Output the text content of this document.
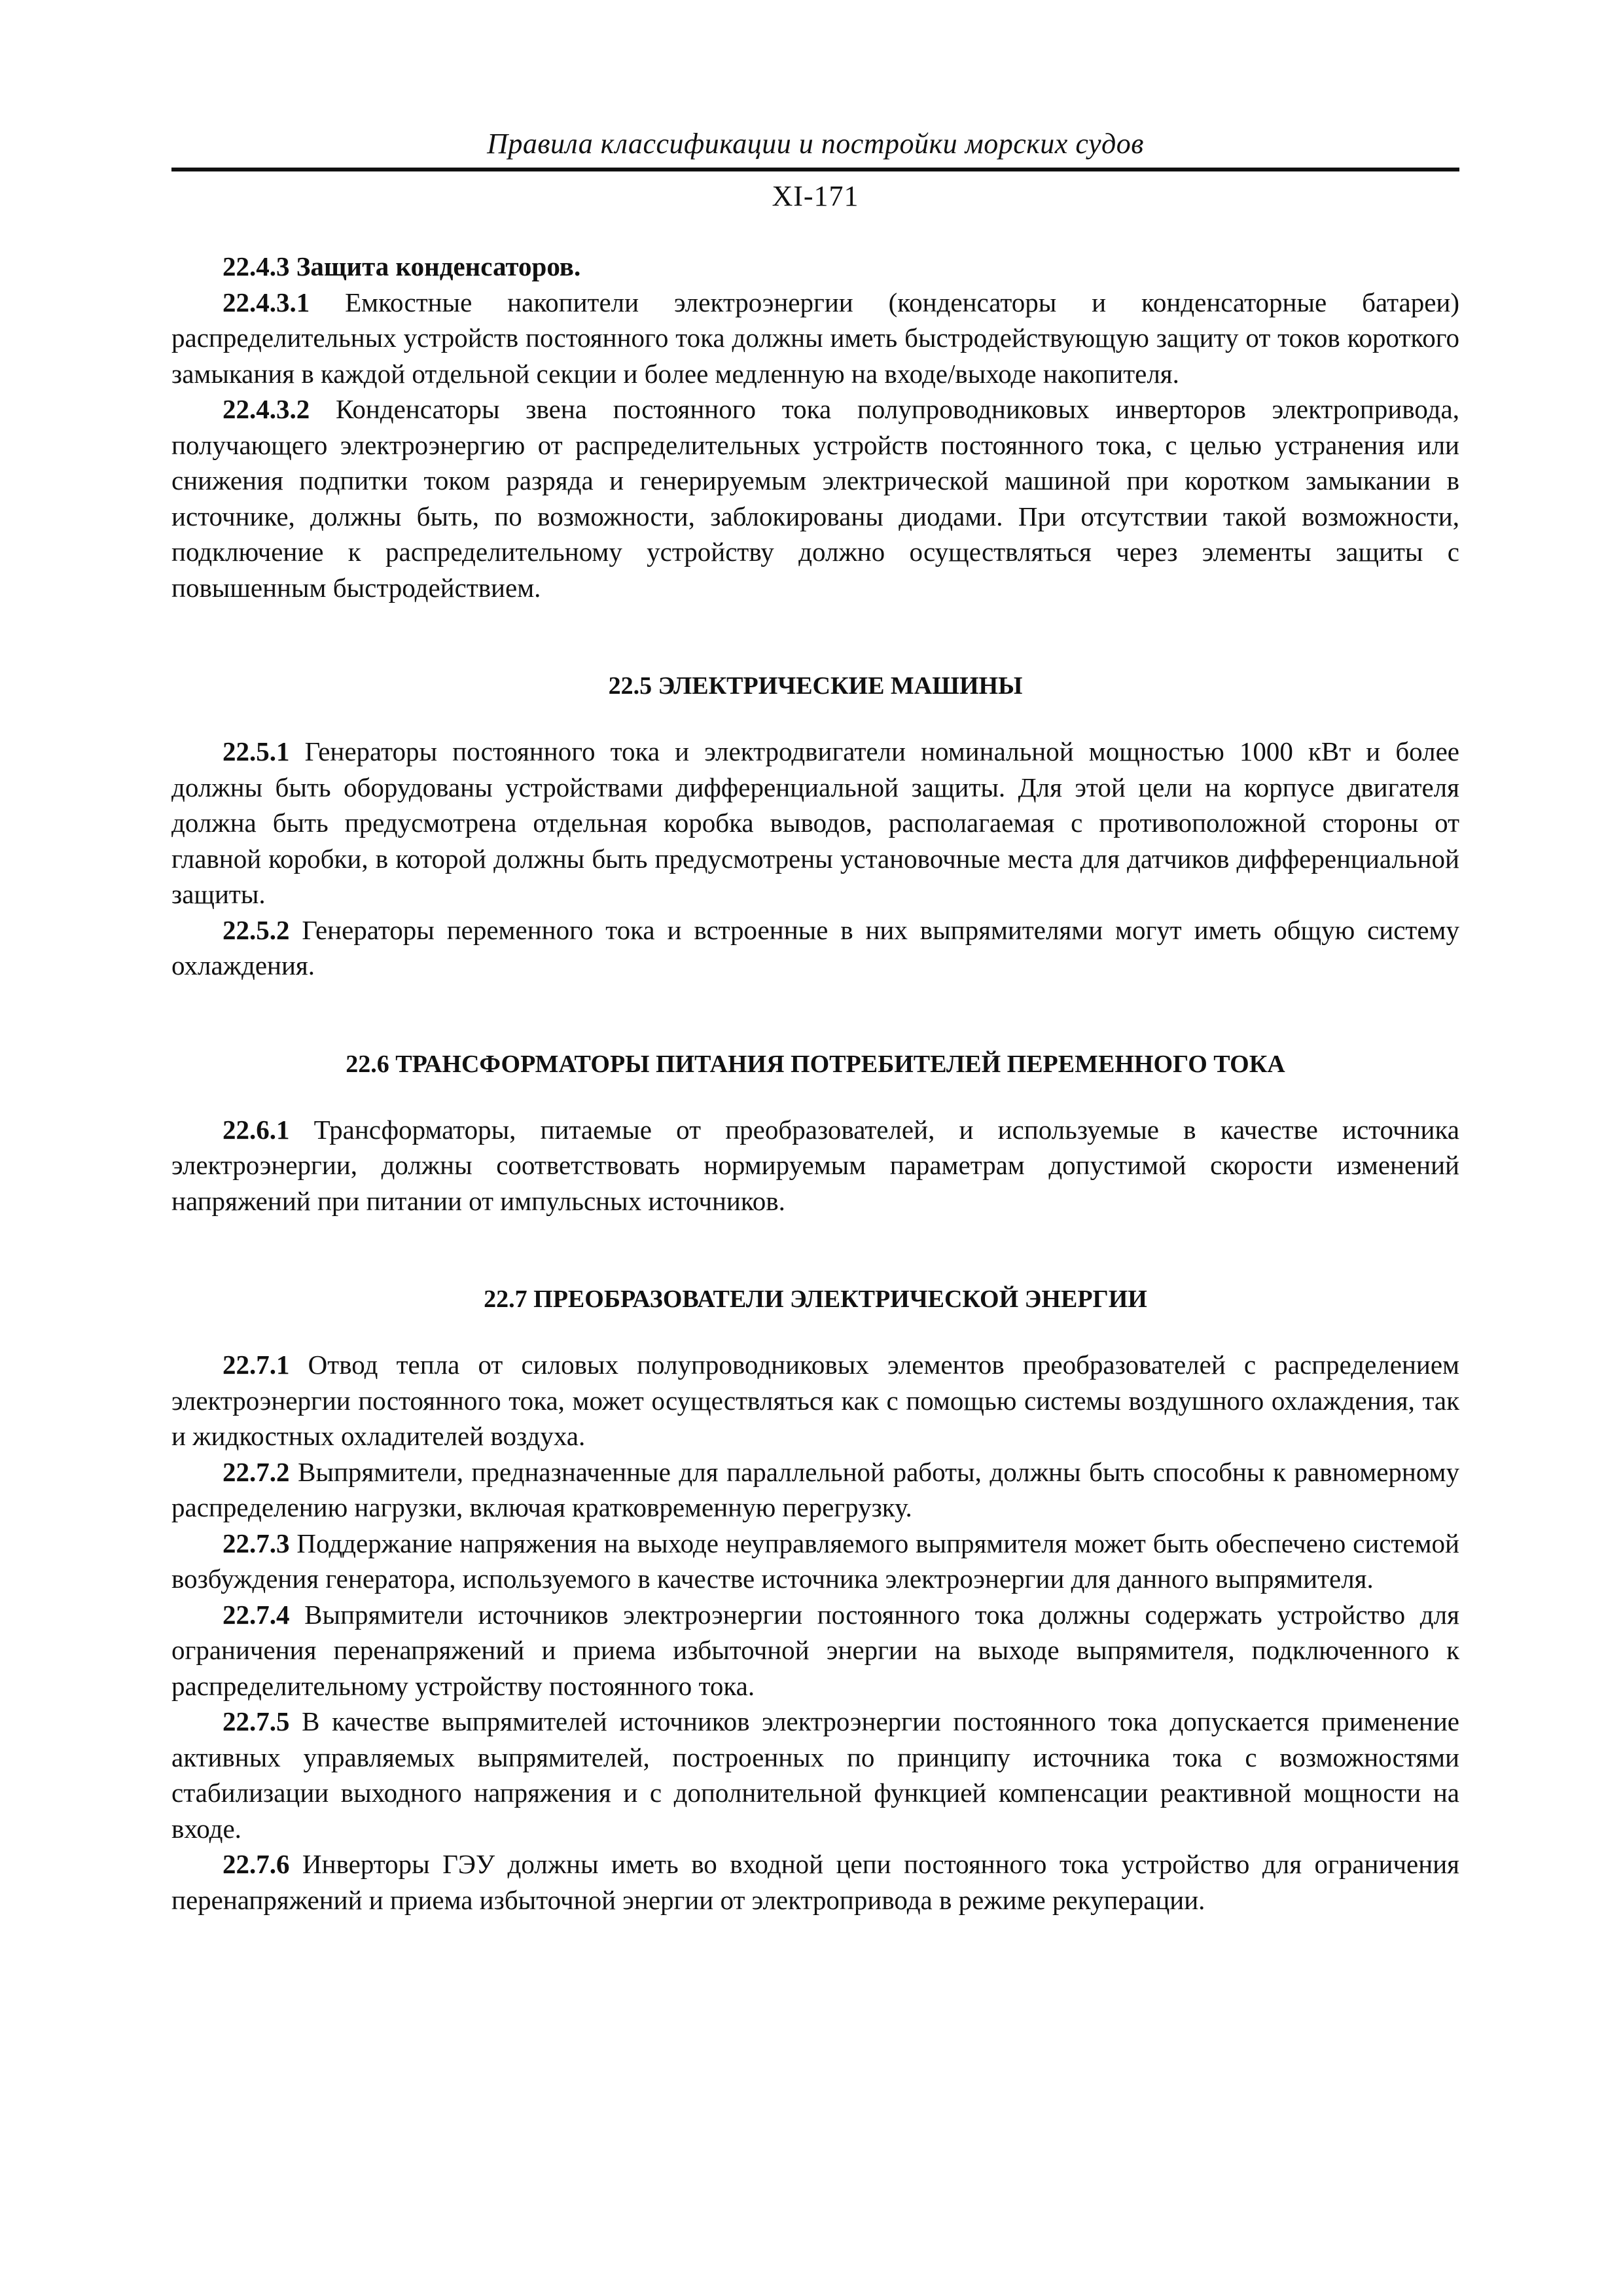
Правила классификации и постройки морских судов
XI-171

22.4.3 Защита конденсаторов.

22.4.3.1 Емкостные накопители электроэнергии (конденсаторы и конденсаторные батареи) распределительных устройств постоянного тока должны иметь быстродействующую защиту от токов короткого замыкания в каждой отдельной секции и более медленную на входе/выходе накопителя.

22.4.3.2 Конденсаторы звена постоянного тока полупроводниковых инверторов электропривода, получающего электроэнергию от распределительных устройств постоянного тока, с целью устранения или снижения подпитки током разряда и генерируемым электрической машиной при коротком замыкании в источнике, должны быть, по возможности, заблокированы диодами. При отсутствии такой возможности, подключение к распределительному устройству должно осуществляться через элементы защиты с повышенным быстродействием.

22.5 ЭЛЕКТРИЧЕСКИЕ МАШИНЫ

22.5.1 Генераторы постоянного тока и электродвигатели номинальной мощностью 1000 кВт и более должны быть оборудованы устройствами дифференциальной защиты. Для этой цели на корпусе двигателя должна быть предусмотрена отдельная коробка выводов, располагаемая с противоположной стороны от главной коробки, в которой должны быть предусмотрены установочные места для датчиков дифференциальной защиты.

22.5.2 Генераторы переменного тока и встроенные в них выпрямителями могут иметь общую систему охлаждения.

22.6 ТРАНСФОРМАТОРЫ ПИТАНИЯ ПОТРЕБИТЕЛЕЙ ПЕРЕМЕННОГО ТОКА

22.6.1 Трансформаторы, питаемые от преобразователей, и используемые в качестве источника электроэнергии, должны соответствовать нормируемым параметрам допустимой скорости изменений напряжений при питании от импульсных источников.

22.7 ПРЕОБРАЗОВАТЕЛИ ЭЛЕКТРИЧЕСКОЙ ЭНЕРГИИ

22.7.1 Отвод тепла от силовых полупроводниковых элементов преобразователей с распределением электроэнергии постоянного тока, может осуществляться как с помощью системы воздушного охлаждения, так и жидкостных охладителей воздуха.

22.7.2 Выпрямители, предназначенные для параллельной работы, должны быть способны к равномерному распределению нагрузки, включая кратковременную перегрузку.

22.7.3 Поддержание напряжения на выходе неуправляемого выпрямителя может быть обеспечено системой возбуждения генератора, используемого в качестве источника электроэнергии для данного выпрямителя.

22.7.4 Выпрямители источников электроэнергии постоянного тока должны содержать устройство для ограничения перенапряжений и приема избыточной энергии на выходе выпрямителя, подключенного к распределительному устройству постоянного тока.

22.7.5 В качестве выпрямителей источников электроэнергии постоянного тока допускается применение активных управляемых выпрямителей, построенных по принципу источника тока с возможностями стабилизации выходного напряжения и с дополнительной функцией компенсации реактивной мощности на входе.

22.7.6 Инверторы ГЭУ должны иметь во входной цепи постоянного тока устройство для ограничения перенапряжений и приема избыточной энергии от электропривода в режиме рекуперации.
